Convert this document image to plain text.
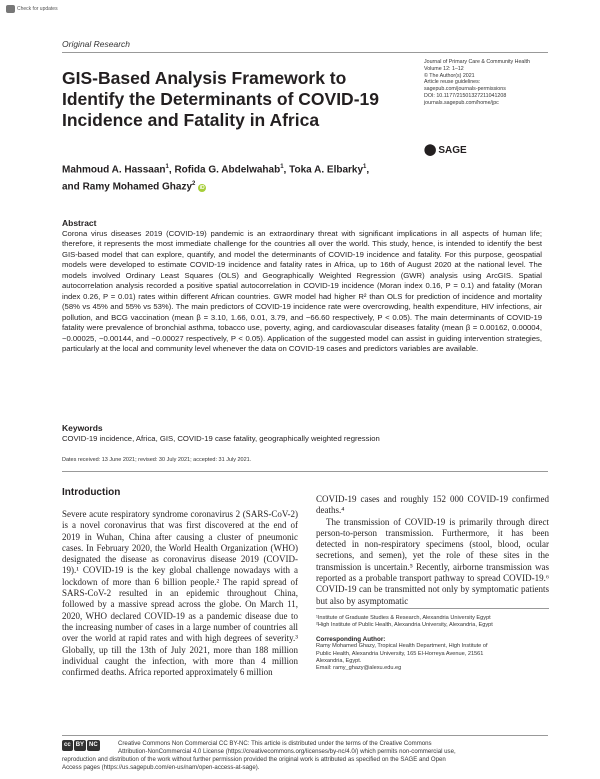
Check for updates
Original Research
GIS-Based Analysis Framework to Identify the Determinants of COVID-19 Incidence and Fatality in Africa
Journal of Primary Care & Community Health
Volume 12: 1–12
© The Author(s) 2021
Article reuse guidelines:
sagepub.com/journals-permissions
DOI: 10.1177/21501327211041208
journals.sagepub.com/home/jpc
⬤ SAGE
Mahmoud A. Hassaan$^1$, Rofida G. Abdelwahab$^1$, Toka A. Elbarky$^1$,
and Ramy Mohamed Ghazy$^2$ iD
Abstract

Corona virus diseases 2019 (COVID-19) pandemic is an extraordinary threat with significant implications in all aspects of human life; therefore, it represents the most immediate challenge for the countries all over the world. This study, hence, is intended to identify the best GIS-based model that can explore, quantify, and model the determinants of COVID-19 incidence and fatality. For this purpose, geospatial models were developed to estimate COVID-19 incidence and fatality rates in Africa, up to 16th of August 2020 at the national level. The models involved Ordinary Least Squares (OLS) and Geographically Weighted Regression (GWR) analysis using ArcGIS. Spatial autocorrelation analysis recorded a positive spatial autocorrelation in COVID-19 incidence (Moran index 0.16, P = 0.1) and fatality (Moran index 0.26, P = 0.01) rates within different African countries. GWR model had higher R² than OLS for prediction of incidence and mortality (58% vs 45% and 55% vs 53%). The main predictors of COVID-19 incidence rate were overcrowding, health expenditure, HIV infections, air pollution, and BCG vaccination (mean β = 3.10, 1.66, 0.01, 3.79, and −66.60 respectively, P < 0.05). The main determinants of COVID-19 fatality were prevalence of bronchial asthma, tobacco use, poverty, aging, and cardiovascular diseases fatality (mean β = 0.00162, 0.00004, −0.00025, −0.00144, and −0.00027 respectively, P < 0.05). Application of the suggested model can assist in guiding intervention strategies, particularly at the local and community level whenever the data on COVID-19 cases and predictors variables are available.

Keywords

COVID-19 incidence, Africa, GIS, COVID-19 case fatality, geographically weighted regression

Dates received: 13 June 2021; revised: 30 July 2021; accepted: 31 July 2021.
Introduction

Severe acute respiratory syndrome coronavirus 2 (SARS-CoV-2) is a novel coronavirus that was first discovered at the end of 2019 in Wuhan, China after causing a cluster of pneumonic cases. In February 2020, the World Health Organization (WHO) designated the disease as coronavirus disease 2019 (COVID-19).¹ COVID-19 is the key global challenge nowadays with a lockdown of more than 6 billion people.² The rapid spread of SARS-CoV-2 resulted in an epidemic throughout China, followed by a massive spread across the globe. On March 11, 2020, WHO declared COVID-19 as a pandemic disease due to the increasing number of cases in a large number of countries all over the world at rapid rates and with high degrees of severity.³ Globally, up till the 13th of July 2021, more than 188 million individual caught the infection, with more than 4 million confirmed deaths. Africa reported approximately 6 million

COVID-19 cases and roughly 152 000 COVID-19 confirmed deaths.⁴

The transmission of COVID-19 is primarily through direct person-to-person transmission. Furthermore, it has been detected in non-respiratory specimens (stool, blood, ocular secretions, and semen), yet the role of these sites in the transmission is uncertain.⁵ Recently, airborne transmission was reported as a probable transport pathway to spread COVID-19.⁶ COVID-19 can be transmitted not only by symptomatic patients but also by asymptomatic

¹Institute of Graduate Studies & Research, Alexandria University Egypt
²High Institute of Public Health, Alexandria University, Alexandria, Egypt
Corresponding Author:
Ramy Mohamed Ghazy, Tropical Health Department, High Institute of
Public Health, Alexandria University, 165 El-Horreya Avenue, 21561
Alexandria, Egypt.
Email: ramy_ghazy@alexu.edu.eg
cc BY NC	Creative Commons Non Commercial CC BY-NC: This article is distributed under the terms of the Creative Commons
Attribution-NonCommercial 4.0 License (https://creativecommons.org/licenses/by-nc/4.0/) which permits non-commercial use,
reproduction and distribution of the work without further permission provided the original work is attributed as specified on the SAGE and Open
Access pages (https://us.sagepub.com/en-us/nam/open-access-at-sage).
